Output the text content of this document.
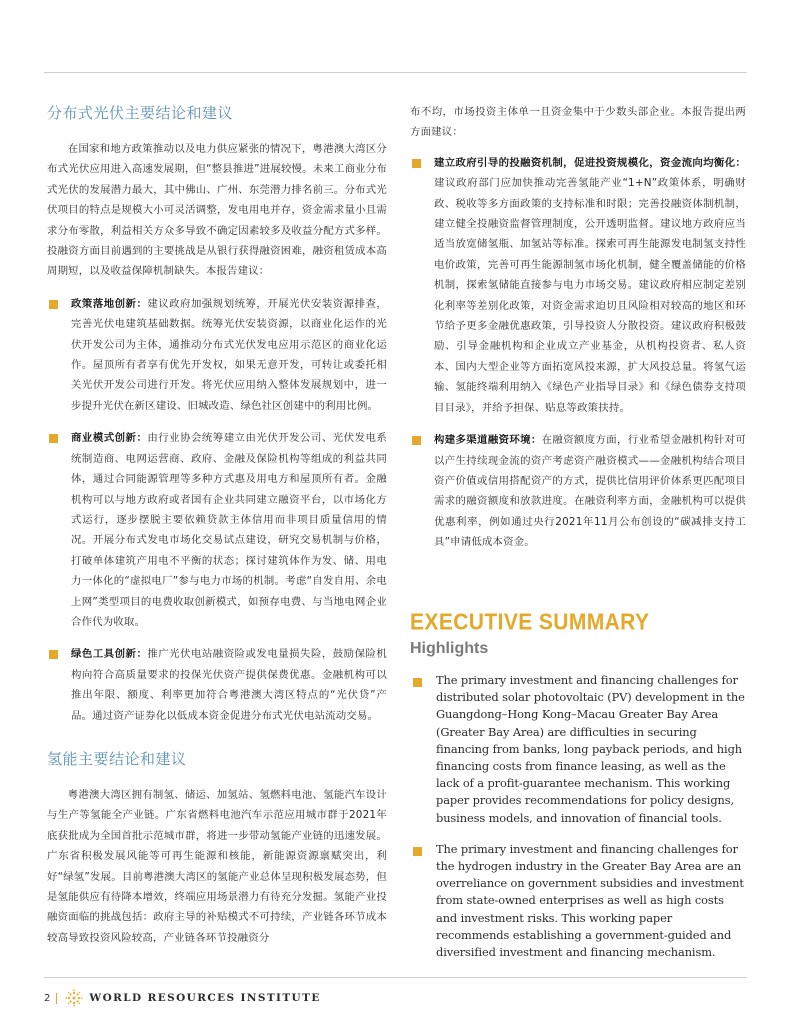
分布式光伏主要结论和建议

在国家和地方政策推动以及电力供应紧张的情况下，粤港澳大湾区分布式光伏应用进入高速发展期，但“整县推进”进展较慢。未来工商业分布式光伏的发展潜力最大，其中佛山、广州、东莞潜力排名前三。分布式光伏项目的特点是规模大小可灵活调整，发电用电并存，资金需求量小且需求分布零散，利益相关方众多导致不确定因素较多及收益分配方式多样。投融资方面目前遇到的主要挑战是从银行获得融资困难，融资租赁成本高周期短，以及收益保障机制缺失。本报告建议：

政策落地创新：建议政府加强规划统筹，开展光伏安装资源排查，完善光伏电建筑基础数据。统筹光伏安装资源，以商业化运作的光伏开发公司为主体，通推动分布式光伏发电应用示范区的商业化运作。屋顶所有者享有优先开发权，如果无意开发，可转让或委托相关光伏开发公司进行开发。将光伏应用纳入整体发展规划中，进一步提升光伏在新区建设、旧城改造、绿色社区创建中的利用比例。

商业模式创新：由行业协会统筹建立由光伏开发公司、光伏发电系统制造商、电网运营商、政府、金融及保险机构等组成的利益共同体，通过合同能源管理等多种方式惠及用电方和屋顶所有者。金融机构可以与地方政府或者国有企业共同建立融资平台，以市场化方式运行，逐步摆脱主要依赖贷款主体信用而非项目质量信用的情况。开展分布式发电市场化交易试点建设，研究交易机制与价格，打破单体建筑产用电不平衡的状态；探讨建筑体作为发、储、用电力一体化的“虚拟电厂”参与电力市场的机制。考虑“自发自用、余电上网”类型项目的电费收取创新模式，如预存电费、与当地电网企业合作代为收取。

绿色工具创新：推广光伏电站融资险或发电量损失险，鼓励保险机构向符合高质量要求的投保光伏资产提供保费优惠。金融机构可以推出年限、额度、利率更加符合粤港澳大湾区特点的“光伏贷”产品。通过资产证券化以低成本资金促进分布式光伏电站流动交易。

氢能主要结论和建议

粤港澳大湾区拥有制氢、储运、加氢站、氢燃料电池、氢能汽车设计与生产等氢能全产业链。广东省燃料电池汽车示范应用城市群于2021年底获批成为全国首批示范城市群，将进一步带动氢能产业链的迅速发展。广东省积极发展风能等可再生能源和核能，新能源资源禀赋突出，利好“绿氢”发展。目前粤港澳大湾区的氢能产业总体呈现积极发展态势，但是氢能供应有待降本增效，终端应用场景潜力有待充分发掘。氢能产业投融资面临的挑战包括：政府主导的补贴模式不可持续，产业链各环节成本较高导致投资风险较高，产业链各环节投融资分

布不均，市场投资主体单一且资金集中于少数头部企业。本报告提出两方面建议：

建立政府引导的投融资机制，促进投资规模化，资金流向均衡化：建议政府部门应加快推动完善氢能产业“1+N”政策体系，明确财政、税收等多方面政策的支持标准和时限；完善投融资体制机制，建立健全投融资监督管理制度，公开透明监督。建议地方政府应当适当放宽储氢瓶、加氢站等标准。探索可再生能源发电制氢支持性电价政策，完善可再生能源制氢市场化机制，健全覆盖储能的价格机制，探索氢储能直接参与电力市场交易。建议政府相应制定差别化利率等差别化政策，对资金需求迫切且风险相对较高的地区和环节给予更多金融优惠政策，引导投资人分散投资。建议政府积极鼓励、引导金融机构和企业成立产业基金，从机构投资者、私人资本、国内大型企业等方面拓宽风投来源，扩大风投总量。将氢气运输、氢能终端利用纳入《绿色产业指导目录》和《绿色债券支持项目目录》，并给予担保、贴息等政策扶持。

构建多渠道融资环境：在融资额度方面，行业希望金融机构针对可以产生持续现金流的资产考虑资产融资模式——金融机构结合项目资产价值或信用搭配资产的方式，提供比信用评价体系更匹配项目需求的融资额度和放款进度。在融资利率方面，金融机构可以提供优惠利率，例如通过央行2021年11月公布创设的“碳减排支持工具”申请低成本资金。

EXECUTIVE SUMMARY
Highlights

The primary investment and financing challenges for distributed solar photovoltaic (PV) development in the Guangdong–Hong Kong–Macau Greater Bay Area (Greater Bay Area) are difficulties in securing financing from banks, long payback periods, and high financing costs from finance leasing, as well as the lack of a profit-guarantee mechanism. This working paper provides recommendations for policy designs, business models, and innovation of financial tools.

The primary investment and financing challenges for the hydrogen industry in the Greater Bay Area are an overreliance on government subsidies and investment from state-owned enterprises as well as high costs and investment risks. This working paper recommends establishing a government-guided and diversified investment and financing mechanism.

2	WORLD RESOURCES INSTITUTE
